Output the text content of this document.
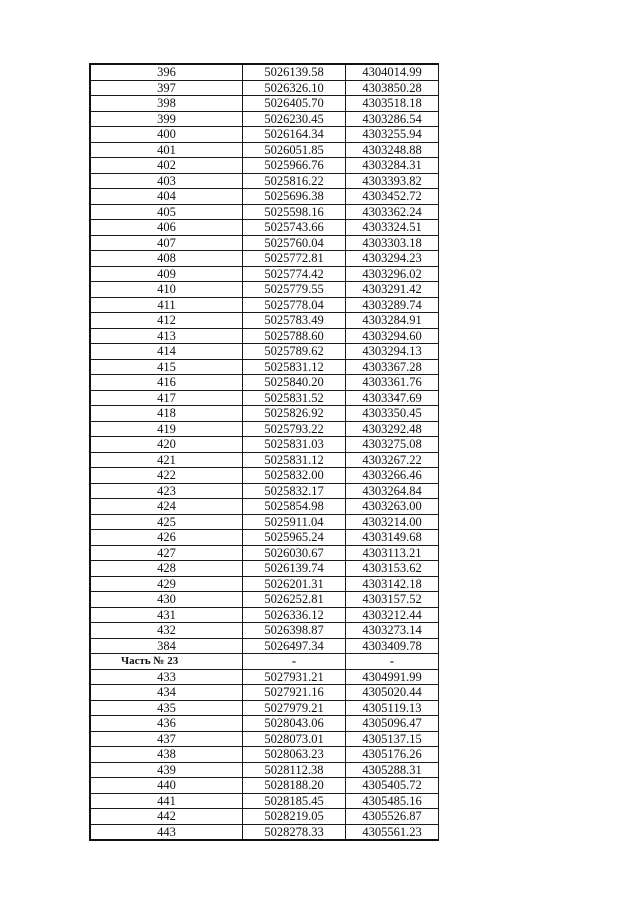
396	5026139.58	4304014.99
397	5026326.10	4303850.28
398	5026405.70	4303518.18
399	5026230.45	4303286.54
400	5026164.34	4303255.94
401	5026051.85	4303248.88
402	5025966.76	4303284.31
403	5025816.22	4303393.82
404	5025696.38	4303452.72
405	5025598.16	4303362.24
406	5025743.66	4303324.51
407	5025760.04	4303303.18
408	5025772.81	4303294.23
409	5025774.42	4303296.02
410	5025779.55	4303291.42
411	5025778.04	4303289.74
412	5025783.49	4303284.91
413	5025788.60	4303294.60
414	5025789.62	4303294.13
415	5025831.12	4303367.28
416	5025840.20	4303361.76
417	5025831.52	4303347.69
418	5025826.92	4303350.45
419	5025793.22	4303292.48
420	5025831.03	4303275.08
421	5025831.12	4303267.22
422	5025832.00	4303266.46
423	5025832.17	4303264.84
424	5025854.98	4303263.00
425	5025911.04	4303214.00
426	5025965.24	4303149.68
427	5026030.67	4303113.21
428	5026139.74	4303153.62
429	5026201.31	4303142.18
430	5026252.81	4303157.52
431	5026336.12	4303212.44
432	5026398.87	4303273.14
384	5026497.34	4303409.78
Часть № 23	-	-
433	5027931.21	4304991.99
434	5027921.16	4305020.44
435	5027979.21	4305119.13
436	5028043.06	4305096.47
437	5028073.01	4305137.15
438	5028063.23	4305176.26
439	5028112.38	4305288.31
440	5028188.20	4305405.72
441	5028185.45	4305485.16
442	5028219.05	4305526.87
443	5028278.33	4305561.23
